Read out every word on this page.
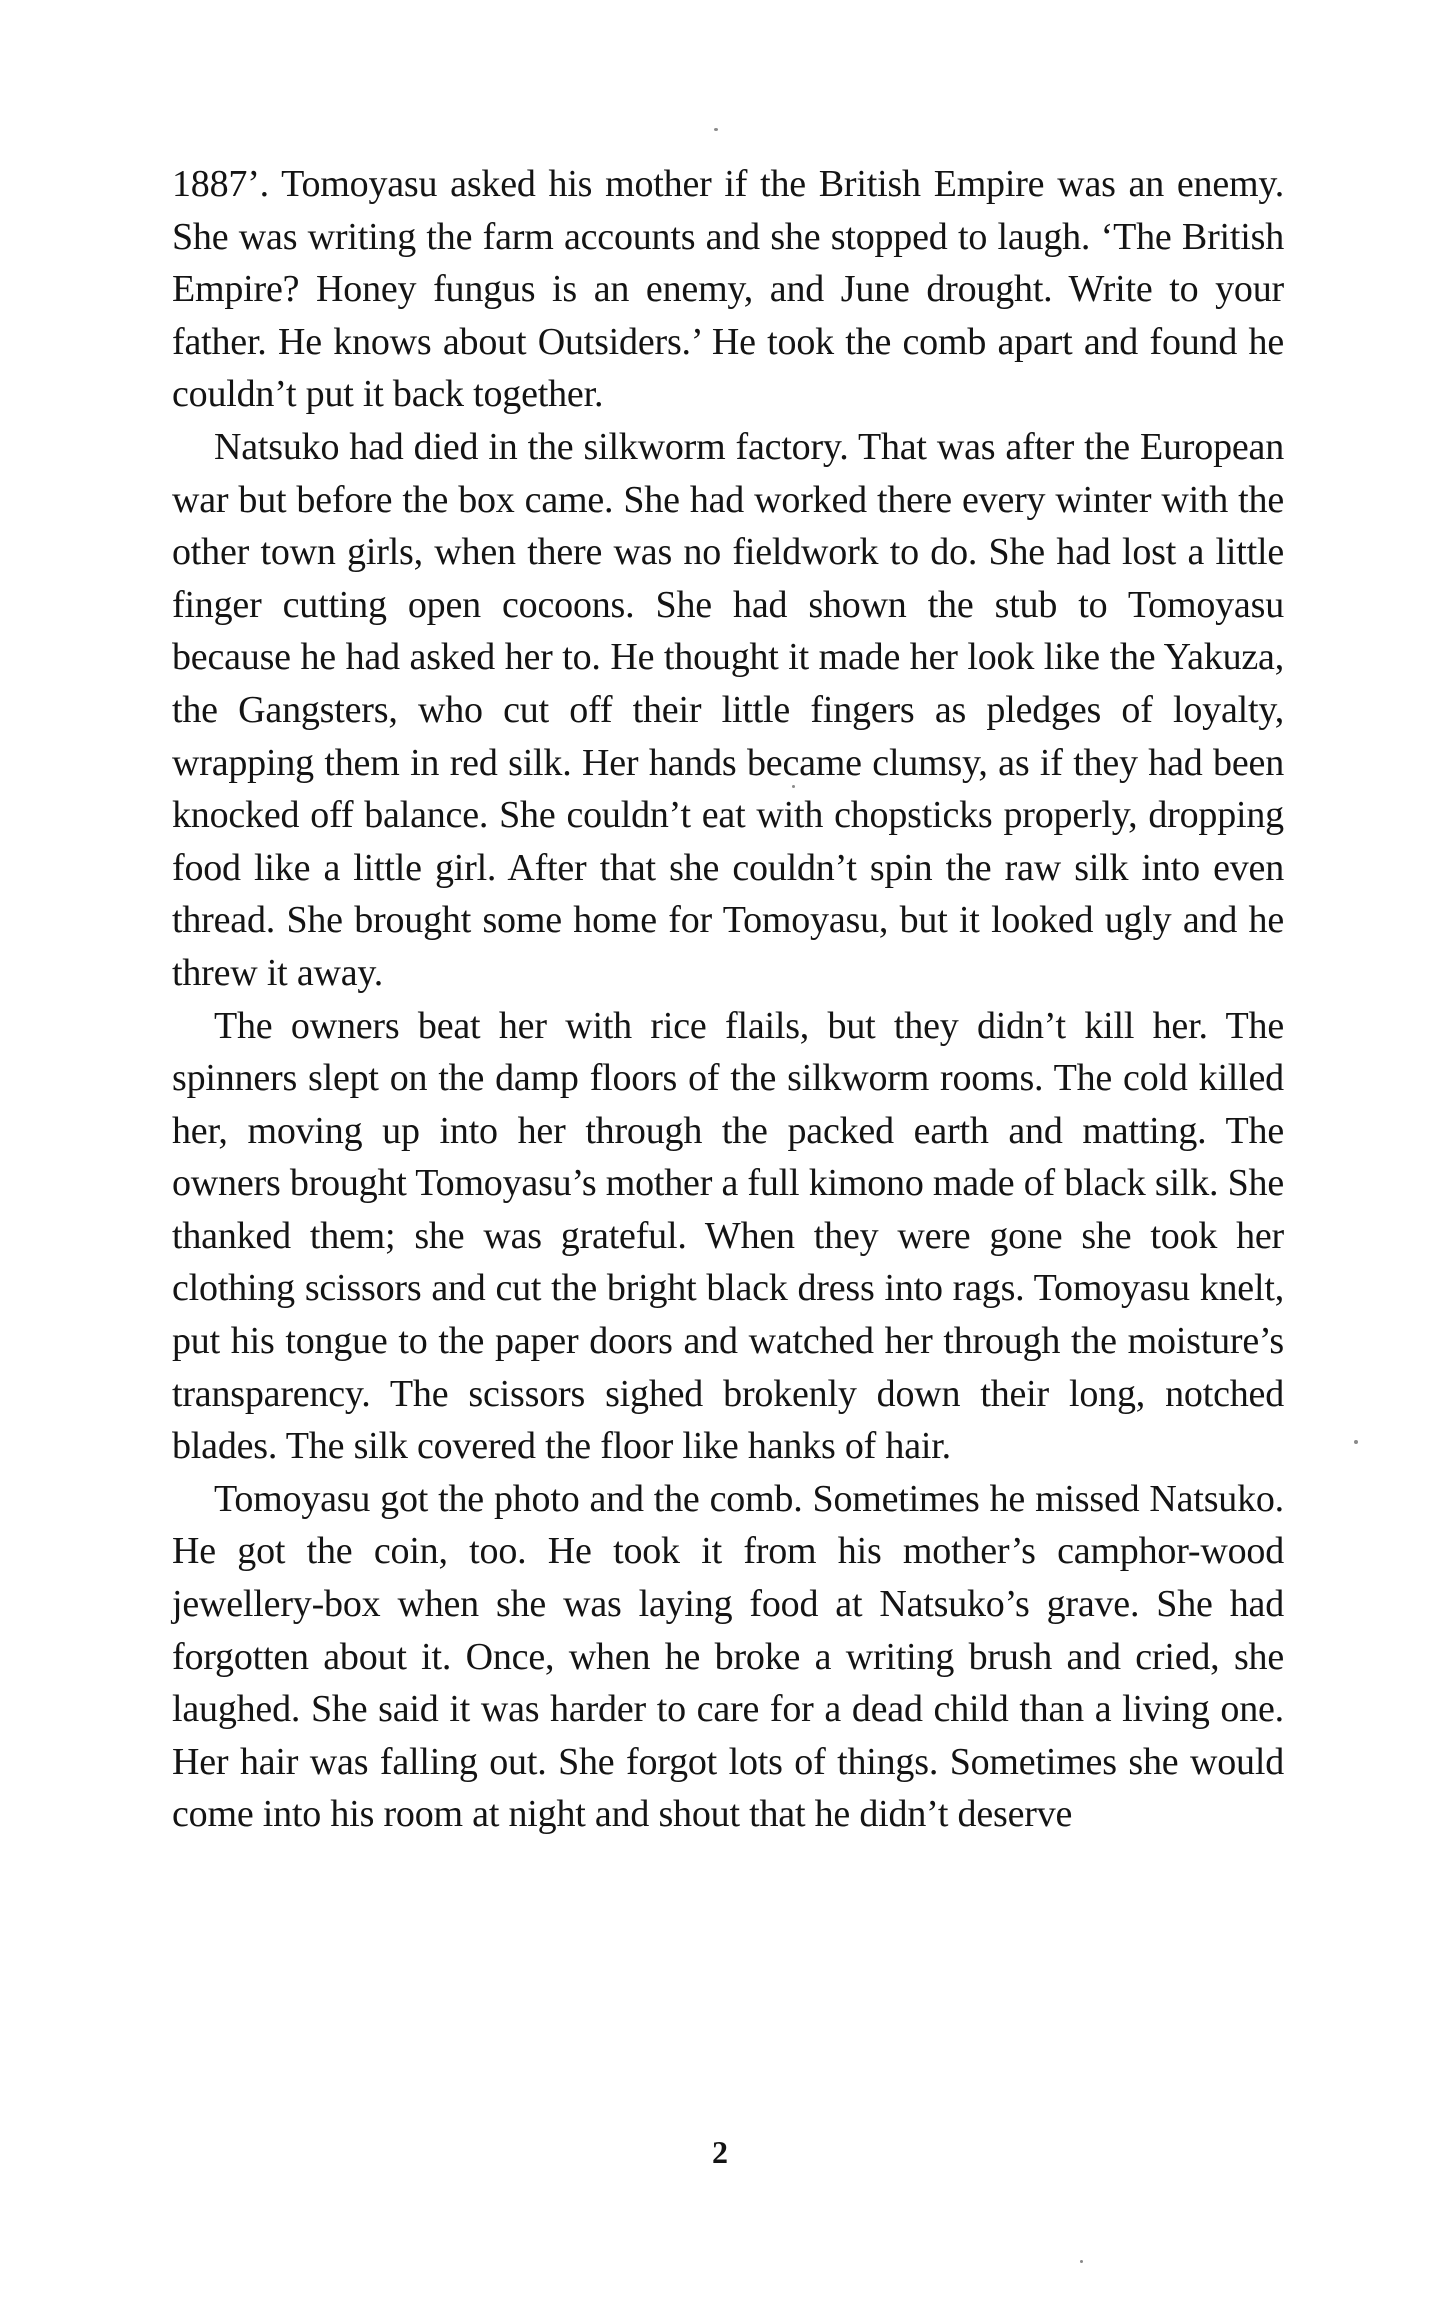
1887’. Tomoyasu asked his mother if the British Empire was an enemy. She was writing the farm accounts and she stopped to laugh. ‘The British Empire? Honey fungus is an enemy, and June drought. Write to your father. He knows about Outsiders.’ He took the comb apart and found he couldn’t put it back together.

Natsuko had died in the silkworm factory. That was after the European war but before the box came. She had worked there every winter with the other town girls, when there was no fieldwork to do. She had lost a little finger cutting open cocoons. She had shown the stub to Tomoyasu because he had asked her to. He thought it made her look like the Yakuza, the Gangsters, who cut off their little fingers as pledges of loyalty, wrapping them in red silk. Her hands became clumsy, as if they had been knocked off balance. She couldn’t eat with chopsticks properly, dropping food like a little girl. After that she couldn’t spin the raw silk into even thread. She brought some home for Tomoyasu, but it looked ugly and he threw it away.

The owners beat her with rice flails, but they didn’t kill her. The spinners slept on the damp floors of the silkworm rooms. The cold killed her, moving up into her through the packed earth and matting. The owners brought Tomoyasu’s mother a full kimono made of black silk. She thanked them; she was grateful. When they were gone she took her clothing scissors and cut the bright black dress into rags. Tomoyasu knelt, put his tongue to the paper doors and watched her through the moisture’s transparency. The scissors sighed brokenly down their long, notched blades. The silk covered the floor like hanks of hair.

Tomoyasu got the photo and the comb. Sometimes he missed Natsuko. He got the coin, too. He took it from his mother’s camphor-wood jewellery-box when she was laying food at Natsuko’s grave. She had forgotten about it. Once, when he broke a writing brush and cried, she laughed. She said it was harder to care for a dead child than a living one. Her hair was falling out. She forgot lots of things. Sometimes she would come into his room at night and shout that he didn’t deserve

2
